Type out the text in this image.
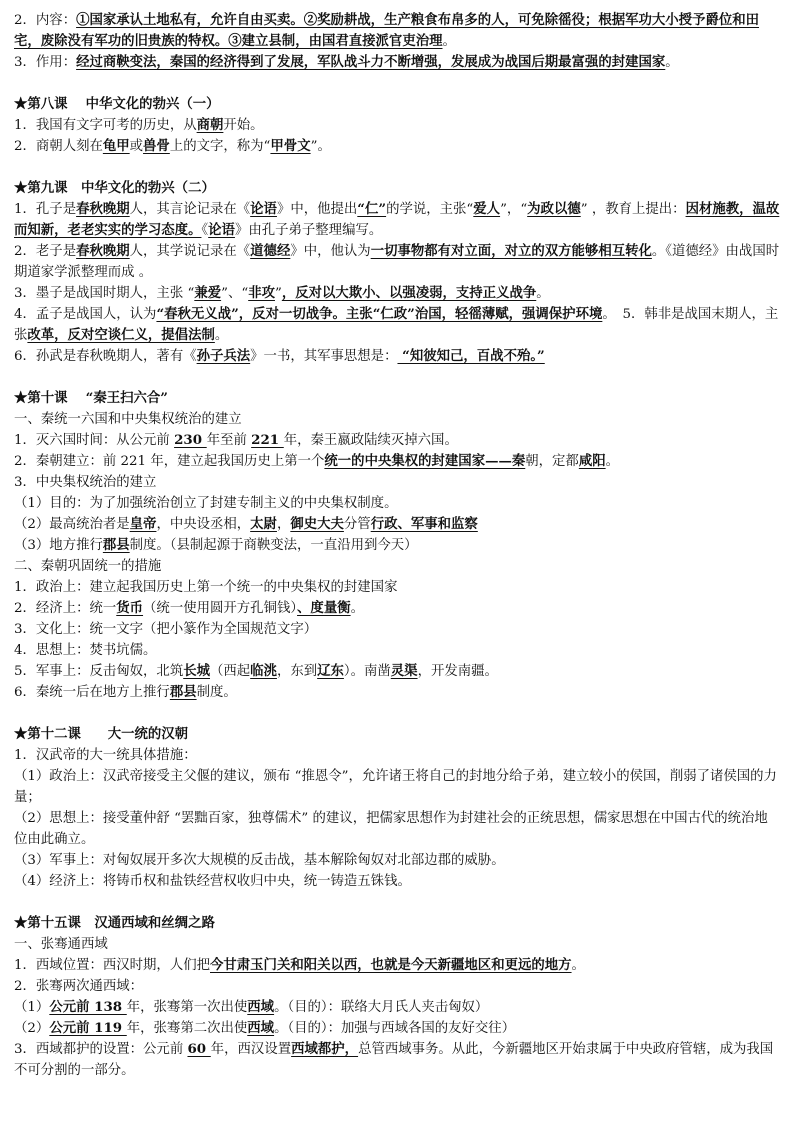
2．内容：①国家承认土地私有，允许自由买卖。②奖励耕战，生产粮食布帛多的人，可免除徭役；根据军功大小授予爵位和田宅，废除没有军功的旧贵族的特权。③建立县制，由国君直接派官吏治理。
3．作用：经过商鞅变法，秦国的经济得到了发展，军队战斗力不断增强，发展成为战国后期最富强的封建国家。
★第八课　 中华文化的勃兴（一）
1．我国有文字可考的历史，从商朝开始。
2．商朝人刻在龟甲或兽骨上的文字，称为“甲骨文”。
★第九课　中华文化的勃兴（二）
1．孔子是春秋晚期人，其言论记录在《论语》中，他提出“仁”的学说，主张“爱人”，“为政以德” ，教育上提出：因材施教，温故而知新，老老实实的学习态度。《论语》由孔子弟子整理编写。
2．老子是春秋晚期人，其学说记录在《道德经》中，他认为一切事物都有对立面，对立的双方能够相互转化。《道德经》由战国时期道家学派整理而成 。
3．墨子是战国时期人，主张 “兼爱”、“非攻”，反对以大欺小、以强凌弱，支持正义战争。
4．孟子是战国人，认为“春秋无义战”，反对一切战争。主张“仁政”治国，轻徭薄赋，强调保护环境。　5．韩非是战国末期人，主张改革，反对空谈仁义，提倡法制。
6．孙武是春秋晚期人，著有《孙子兵法》一书，其军事思想是： “知彼知己，百战不殆。”
★第十课　 “秦王扫六合”
一、秦统一六国和中央集权统治的建立
1．灭六国时间：从公元前 230 年至前 221 年，秦王嬴政陆续灭掉六国。
2．秦朝建立：前 221 年，建立起我国历史上第一个统一的中央集权的封建国家——秦朝，定都咸阳。
3．中央集权统治的建立
（1）目的：为了加强统治创立了封建专制主义的中央集权制度。
（2）最高统治者是皇帝，中央设丞相，太尉，御史大夫分管行政、军事和监察
（3）地方推行郡县制度。（县制起源于商鞅变法，一直沿用到今天）
二、秦朝巩固统一的措施
1．政治上：建立起我国历史上第一个统一的中央集权的封建国家
2．经济上：统一货币（统一使用圆开方孔铜钱）、度量衡。
3．文化上：统一文字（把小篆作为全国规范文字）
4．思想上：焚书坑儒。
5．军事上：反击匈奴，北筑长城（西起临洮，东到辽东）。南凿灵渠，开发南疆。
6．秦统一后在地方上推行郡县制度。
★第十二课　　大一统的汉朝
1．汉武帝的大一统具体措施：
（1）政治上：汉武帝接受主父偃的建议，颁布 “推恩令”，允许诸王将自己的封地分给子弟，建立较小的侯国，削弱了诸侯国的力量；
（2）思想上：接受董仲舒 “罢黜百家，独尊儒术” 的建议，把儒家思想作为封建社会的正统思想，儒家思想在中国古代的统治地位由此确立。
（3）军事上：对匈奴展开多次大规模的反击战，基本解除匈奴对北部边郡的威胁。
（4）经济上：将铸币权和盐铁经营权收归中央，统一铸造五铢钱。
★第十五课　汉通西域和丝绸之路
一、张骞通西域
1．西域位置：西汉时期，人们把今甘肃玉门关和阳关以西，也就是今天新疆地区和更远的地方。
2．张骞两次通西域：
（1）公元前 138 年，张骞第一次出使西域。（目的）：联络大月氏人夹击匈奴）
（2）公元前 119 年，张骞第二次出使西域。（目的）：加强与西域各国的友好交往）
3．西域都护的设置：公元前 60 年，西汉设置西域都护，总管西域事务。从此，今新疆地区开始隶属于中央政府管辖，成为我国不可分割的一部分。
